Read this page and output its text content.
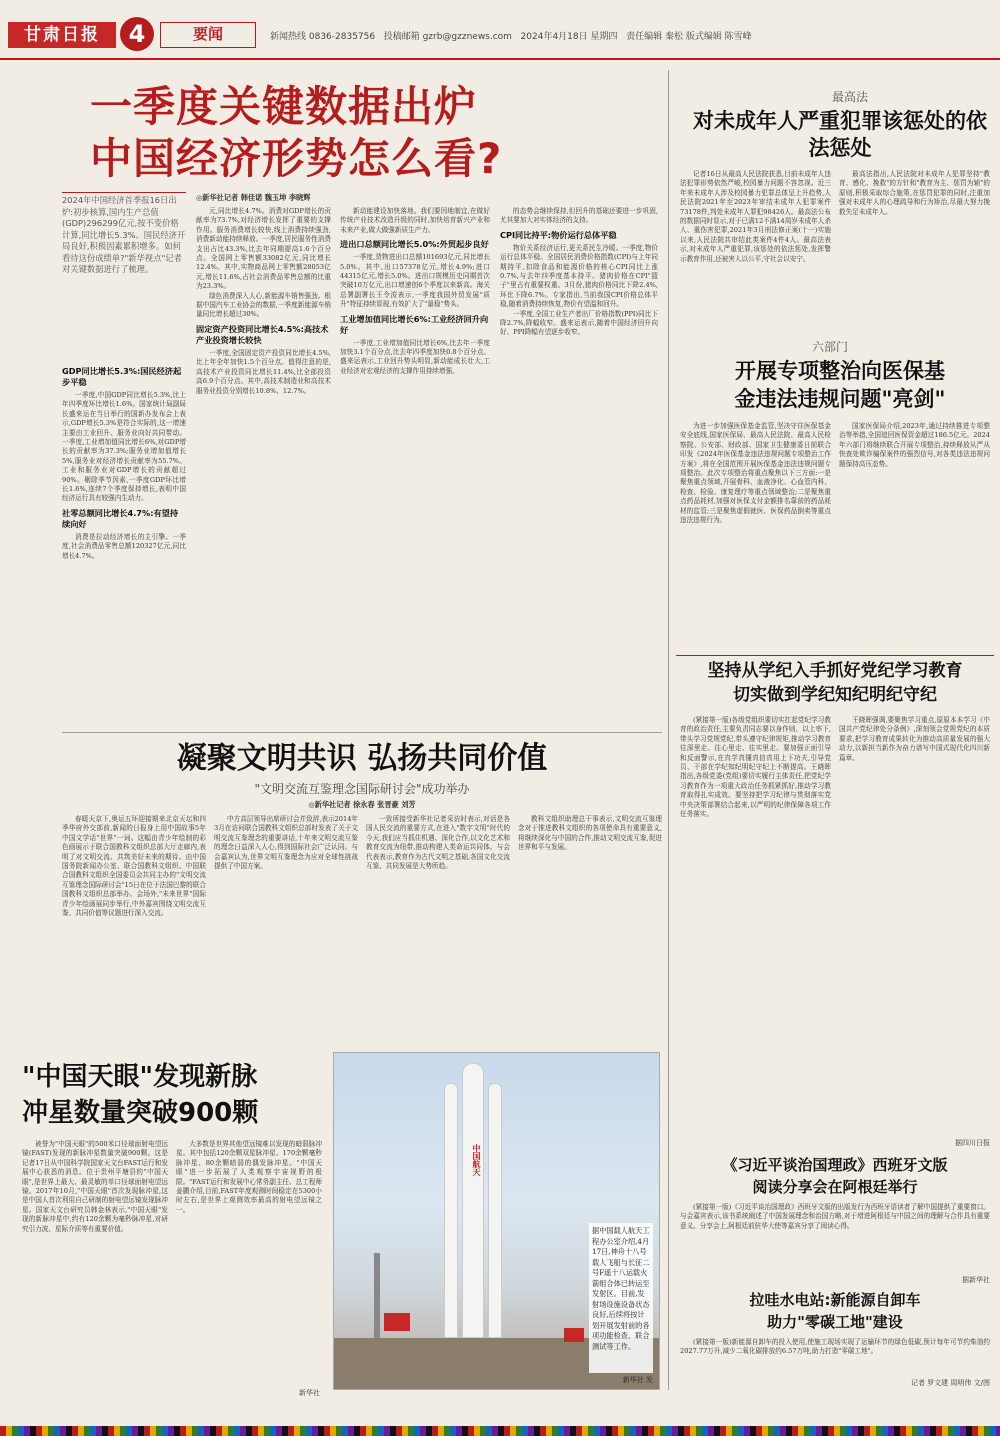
甘肃日报	4	要闻	新闻热线 0836-2835756 投稿邮箱 gzrb@gzznews.com 2024年4月18日 星期四 责任编辑 秦松 版式编辑 陈雪峰
一季度关键数据出炉
中国经济形势怎么看?
2024年中国经济首季报16日出炉:初步核算,国内生产总值(GDP)296299亿元,按不变价格计算,同比增长5.3%。国民经济开局良好,积极因素累积增多。如何看待这份成绩单?"新华视点"记者对关键数据进行了梳理。
◎新华社记者 韩佳诺 魏玉坤 李晓辉
GDP同比增长5.3%:国民经济起步平稳
一季度,中国GDP同比增长5.3%,比上年四季度环比增长1.6%。国家统计局副局长盛来运在当日举行的国新办发布会上表示,GDP增长5.3%是符合实际的,这一增速主要由工业回升、服务业向好共同带动。一季度,工业增加值同比增长6%,对GDP增长的贡献率为37.3%;服务业增加值增长5%,服务业对经济增长贡献率为55.7%。工业和服务业对GDP增长的贡献超过90%。剔除季节因素,一季度GDP环比增长1.6%,连续7个季度保持增长,表明中国经济运行具有较强内生动力。
社零总额同比增长4.7%:有望持续向好
消费是拉动经济增长的主引擎。一季度,社会消费品零售总额120327亿元,同比增长4.7%。
元,同比增长4.7%。消费对GDP增长的贡献率为73.7%,对经济增长发挥了重要的支撑作用。服务消费增长较快,线上消费持续强劲,消费新动能持续释放。一季度,居民服务性消费支出占比43.3%,比去年同期提高1.6个百分点。全国网上零售额33082亿元,同比增长12.4%。其中,实物商品网上零售额28053亿元,增长11.6%,占社会消费品零售总额的比重为23.3%。
绿色消费深入人心,新能源车销售强劲。根据中国汽车工业协会的数据,一季度新能源车销量同比增长超过30%。
固定资产投资同比增长4.5%:高技术产业投资增长较快
一季度,全国固定资产投资同比增长4.5%,比上年全年加快1.5个百分点。值得注意的是,高技术产业投资同比增长11.4%,比全部投资高6.9个百分点。其中,高技术制造业和高技术服务业投资分别增长10.8%、12.7%。
新动能建设加快落地。我们要因地制宜,在做好传统产业技术改造升级的同时,加快培育新兴产业和未来产业,做大做强新质生产力。
进出口总额同比增长5.0%:外贸起步良好
一季度,货物进出口总额101693亿元,同比增长5.0%。其中,出口57378亿元,增长4.9%;进口44315亿元,增长5.0%。进出口规模历史同期首次突破10万亿元,出口增速创6个季度以来新高。海关总署副署长王令浚表示,一季度我国外贸发展"质升"特征持续显现,有效扩大了"量稳"势头。
工业增加值同比增长6%:工业经济回升向好
一季度,工业增加值同比增长6%,比去年一季度加快3.1个百分点,比去年四季度加快0.8个百分点。盛来运表示,工业回升势头明显,新动能成长壮大,工业经济对宏观经济的支撑作用持续增强。
的态势会继续保持,但回升的基础还要进一步巩固,尤其要加大对实体经济的支持。
CPI同比持平:物价运行总体平稳
物价关系经济运行,更关系民生冷暖。一季度,物价运行总体平稳。全国居民消费价格指数(CPI)与上年同期持平,扣除食品和能源价格的核心CPI同比上涨0.7%,与去年四季度基本持平。猪肉价格在CPI"篮子"里占有重要权重。3月份,猪肉价格同比下降2.4%,环比下降6.7%。专家指出,当前我国CPI价格总体平稳,随着消费持续恢复,物价有望温和回升。
一季度,全国工业生产者出厂价格指数(PPI)同比下降2.7%,降幅收窄。盛来运表示,随着中国经济回升向好、PPI降幅有望逐步收窄。
最高法
对未成年人严重犯罪该惩处的依法惩处
记者16日从最高人民法院获悉,目前未成年人违法犯罪形势依然严峻,校园暴力问题不容忽视。近三年来未成年人涉及校园暴力犯罪总体呈上升趋势,人民法院2021年至2023年审结未成年人犯罪案件73178件,判处未成年人罪犯98426人。最高法公布的数据同时显示,对于已满12不满14周岁未成年人杀人、重伤害犯罪,2021年3月刑法修正案(十一)实施以来,人民法院共审结此类案件4件4人。最高法表示,对未成年人严重犯罪,该惩处的依法惩处,发挥警示教育作用,还被害人以公平,守社会以安宁。
最高法指出,人民法院对未成年人犯罪坚持"教育、感化、挽救"的方针和"教育为主、惩罚为辅"的原则,积极采取综合施策,在惩罚犯罪的同时,注重加强对未成年人的心理疏导和行为矫治,尽最大努力挽救失足未成年人。
六部门
开展专项整治向医保基
金违法违规问题"亮剑"
为进一步加强医保基金监管,坚决守住医保基金安全底线,国家医保局、最高人民法院、最高人民检察院、公安部、财政部、国家卫生健康委日前联合印发《2024年医保基金违法违规问题专项整治工作方案》,将在全国范围开展医保基金违法违规问题专项整治。此次专项整治将重点聚焦以下三方面:一是聚焦重点领域,开展骨科、血液净化、心血管内科、检查、检验、康复理疗等重点领域整治;二是聚焦重点药品耗材,加强对医保支付金额排名靠前的药品耗材的监管;三是聚焦虚假就医、医保药品倒卖等重点违法违规行为。
国家医保局介绍,2023年,通过持续推进专项整治等举措,全国追回医保资金超过186.5亿元。2024年六部门将继续联合开展专项整治,持续释放从严从快查处欺诈骗保案件的强烈信号,对各类违法违规问题保持高压态势。
坚持从学纪入手抓好党纪学习教育
切实做到学纪知纪明纪守纪
(紧接第一版)各级党组织要切实扛起党纪学习教育的政治责任,主要负责同志要以身作则、以上率下,带头学习党规党纪,带头遵守纪律规矩,推动学习教育往深里走、往心里走、往实里走。要加强正面引导和反面警示,在真学真懂真信真用上下功夫,引导党员、干部在学纪知纪明纪守纪上不断提高。王晓晖指出,各级党委(党组)要切实履行主体责任,把党纪学习教育作为一项重大政治任务抓紧抓好,推动学习教育取得扎实成效。要坚持把学习纪律与贯彻落实党中央决策部署结合起来,以严明的纪律保障各项工作任务落实。
王晓晖强调,要聚焦学习重点,原原本本学习《中国共产党纪律处分条例》,深刻领会党规党纪的本质要求,把学习教育成果转化为推动高质量发展的强大动力,以新担当新作为奋力谱写中国式现代化四川新篇章。
据四川日报
《习近平谈治国理政》西班牙文版
阅读分享会在阿根廷举行
(紧接第一版)《习近平谈治国理政》西班牙文版的出版发行为西班牙语读者了解中国提供了重要窗口。与会嘉宾表示,该书系统阐述了中国发展理念和治国方略,对于增进阿根廷与中国之间的理解与合作具有重要意义。分享会上,阿根廷前驻华大使等嘉宾分享了阅读心得。
据新华社
拉哇水电站:新能源自卸车
助力"零碳工地"建设
(紧接第一版)新能源自卸车的投入使用,使施工现场实现了运输环节的绿色低碳,预计每年可节约柴油约2027.77万升,减少二氧化碳排放约6.57万吨,助力打造"零碳工地"。
记者 罗文建 周明伟 文/图
凝聚文明共识 弘扬共同价值
"文明交流互鉴理念国际研讨会"成功举办
◎新华社记者 徐永春 张晋豪 刘芳
春暖天京下,奥运五环迎接期来北京天坛和四季华府外交部前,新闻的日报身上用中国故事5年中国文学话"世界"一词。这幅由青少年绘制的彩色画展示于联合国教科文组织总部大厅走廊内,表明了对文明交流、共筑美好未来的期待。由中国国务院新闻办公室、联合国教科文组织、中国联合国教科文组织全国委员会共同主办的"文明交流互鉴理念国际研讨会"15日在位于法国巴黎的联合国教科文组织总部举办。会场外,"未来世界"国际青少年绘画展同步举行,中外嘉宾围绕文明交流互鉴、共同价值等议题进行深入交流。
中方高层领导出席研讨会并致辞,表示2014年3月在访问联合国教科文组织总部时发表了关于文明交流互鉴理念的重要讲话,十年来文明交流互鉴的理念日益深入人心,得到国际社会广泛认同。与会嘉宾认为,世界文明互鉴理念为应对全球性挑战提供了中国方案。
一致所接受新华社记者采访时表示,对话是各国人民交流的重要方式,在进入"数字文明"时代的今天,我们应当抓住机遇、深化合作,以文化艺术和教育交流为纽带,推动构建人类命运共同体。与会代表表示,教育作为古代文明之基础,各国文化交流互鉴、共同发展是大势所趋。
教科文组织助理总干事表示,文明交流互鉴理念对于推进教科文组织的各项使命具有重要意义,将继续深化与中国的合作,推动文明交流互鉴,促进世界和平与发展。
"中国天眼"发现新脉
冲星数量突破900颗
被誉为"中国天眼"的500米口径球面射电望远镜(FAST)发现的新脉冲星数量突破900颗。这是记者17日从中国科学院国家天文台FAST运行和发展中心获悉的消息。位于贵州平塘县的"中国天眼",是世界上最大、最灵敏的单口径球面射电望远镜。2017年10月,"中国天眼"首次发现脉冲星,这是中国人首次利用自己研制的射电望远镜发现脉冲星。国家天文台研究员韩金林表示,"中国天眼"发现的新脉冲星中,约有120余颗为毫秒脉冲星,对研究引力波、星际介质等有重要价值。
大多数是世界其他望远镜难以发现的暗弱脉冲星。其中包括120余颗双星脉冲星、170余颗毫秒脉冲星、80余颗暗弱的偶发脉冲星。"中国天眼"进一步拓展了人类观察宇宙视野的极限。"FAST运行和发展中心常务副主任、总工程师姜鹏介绍,目前,FAST年度观测时间稳定在5300小时左右,是世界上观测效率最高的射电望远镜之一。
新华社
中国航天
据中国载人航天工程办公室介绍,4月17日,神舟十八号载人飞船与长征二号F遥十八运载火箭组合体已转运至发射区。目前,发射场设施设备状态良好,后续将按计划开展发射前的各项功能检查、联合测试等工作。
新华社 发
